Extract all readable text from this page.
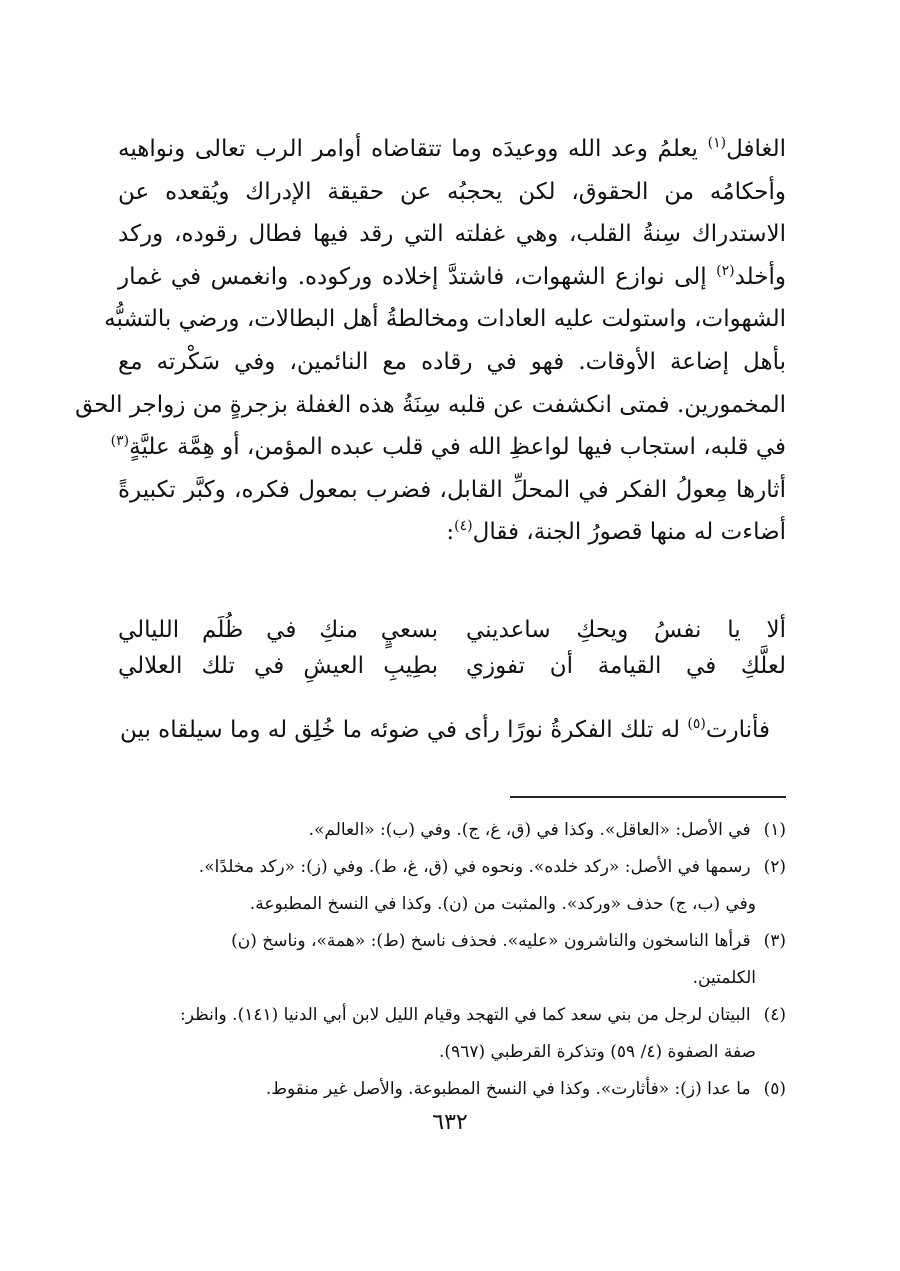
الغافل$^{(١)}$ يعلمُ وعد الله ووعيدَه وما تتقاضاه أوامر الرب تعالى ونواهيه
وأحكامُه من الحقوق، لكن يحجبُه عن حقيقة الإدراك ويُقعده عن
الاستدراك سِنةُ القلب، وهي غفلته التي رقد فيها فطال رقوده، وركد
وأخلد$^{(٢)}$ إلى نوازع الشهوات، فاشتدَّ إخلاده وركوده. وانغمس في غمار
الشهوات، واستولت عليه العادات ومخالطةُ أهل البطالات، ورضي بالتشبُّه
بأهل إضاعة الأوقات. فهو في رقاده مع النائمين، وفي سَكْرته مع
المخمورين. فمتى انكشفت عن قلبه سِنَةُ هذه الغفلة بزجرةٍ من زواجر الحق
في قلبه، استجاب فيها لواعظِ الله في قلب عبده المؤمن، أو هِمَّة عليَّةٍ$^{(٣)}$
أثارها مِعولُ الفكر في المحلِّ القابل، فضرب بمعول فكره، وكبَّر تكبيرةً
أضاءت له منها قصورُ الجنة، فقال$^{(٤)}$:
ألا يا نفسُ ويحكِ ساعديني
بسعيٍ منكِ في ظُلَم الليالي
لعلَّكِ في القيامة أن تفوزي
بطِيبِ العيشِ في تلك العلالي
فأنارت$^{(٥)}$ له تلك الفكرةُ نورًا رأى في ضوئه ما خُلِق له وما سيلقاه بين
(١) في الأصل: «العاقل». وكذا في (ق، غ، ج). وفي (ب): «العالم».
(٢) رسمها في الأصل: «ركد خلده». ونحوه في (ق، غ، ط). وفي (ز): «ركد مخلدًا».
وفي (ب، ج) حذف «وركد». والمثبت من (ن). وكذا في النسخ المطبوعة.
(٣) قرأها الناسخون والناشرون «عليه». فحذف ناسخ (ط): «همة»، وناسخ (ن)
الكلمتين.
(٤) البيتان لرجل من بني سعد كما في التهجد وقيام الليل لابن أبي الدنيا (١٤١). وانظر:
صفة الصفوة (٤/ ٥٩) وتذكرة القرطبي (٩٦٧).
(٥) ما عدا (ز): «فأثارت». وكذا في النسخ المطبوعة. والأصل غير منقوط.
٦٣٢
